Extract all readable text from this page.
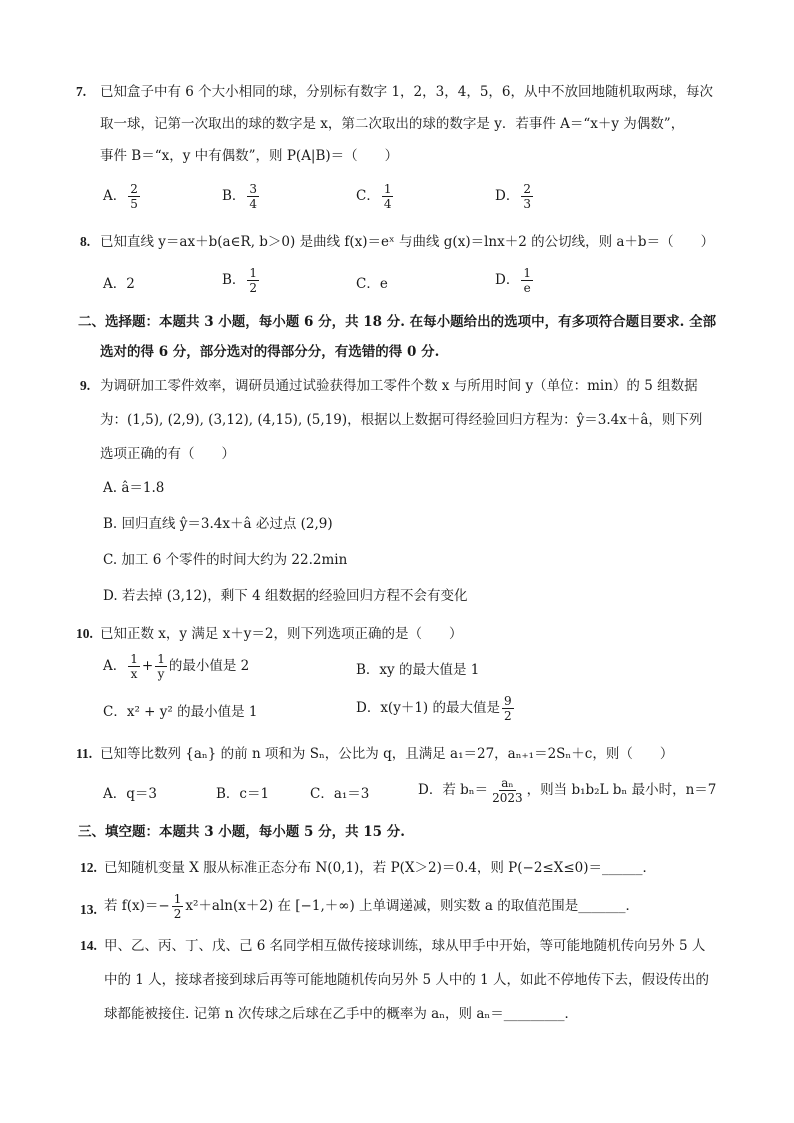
7. 已知盒子中有 6 个大小相同的球，分别标有数字 1，2，3，4，5，6，从中不放回地随机取两球，每次
取一球，记第一次取出的球的数字是 x，第二次取出的球的数字是 y．若事件 A＝“x＋y 为偶数”，
事件 B＝“x，y 中有偶数”，则 P(A|B)＝（　　）
A． $\frac{2}{5}$	B． $\frac{3}{4}$	C． $\frac{1}{4}$	D． $\frac{2}{3}$
8. 已知直线 y＝ax＋b(a∈R, b＞0) 是曲线 f(x)＝eˣ 与曲线 g(x)＝lnx＋2 的公切线，则 a＋b＝（　　）
A．2	B． $\frac{1}{2}$	C．e	D． $\frac{1}{e}$
二、选择题：本题共 3 小题，每小题 6 分，共 18 分. 在每小题给出的选项中，有多项符合题目要求. 全部
选对的得 6 分，部分选对的得部分分，有选错的得 0 分.
9. 为调研加工零件效率，调研员通过试验获得加工零件个数 x 与所用时间 y（单位：min）的 5 组数据
为：(1,5), (2,9), (3,12), (4,15), (5,19)，根据以上数据可得经验回归方程为：ŷ＝3.4x＋â，则下列
选项正确的有（　　）
A. â＝1.8
B. 回归直线 ŷ＝3.4x＋â 必过点 (2,9)
C. 加工 6 个零件的时间大约为 22.2min
D. 若去掉 (3,12)，剩下 4 组数据的经验回归方程不会有变化
10. 已知正数 x，y 满足 x＋y＝2，则下列选项正确的是（　　）
A． $\frac{1}{x} + \frac{1}{y}$ 的最小值是 2	B．xy 的最大值是 1
C．x² + y² 的最小值是 1	D．x(y＋1) 的最大值是 $\frac{9}{2}$
11. 已知等比数列 {aₙ} 的前 n 项和为 Sₙ，公比为 q，且满足 a₁＝27，aₙ₊₁＝2Sₙ＋c，则（　　）
A．q＝3	B．c＝1	C．a₁＝3	D．若 $b_n= \frac{\text{aₙ}}{2023}$ ，则当 b₁b₂L bₙ 最小时，n＝7
三、填空题：本题共 3 小题，每小题 5 分，共 15 分.
12. 已知随机变量 X 服从标准正态分布 N(0,1)，若 P(X＞2)＝0.4，则 P(−2≤X≤0)＝______．
13. 若 $f(x)=- \frac{1}{2} x^2+aln(x+2)$ 在 [−1,＋∞) 上单调递减，则实数 a 的取值范围是_______．
14. 甲、乙、丙、丁、戊、己 6 名同学相互做传接球训练，球从甲手中开始，等可能地随机传向另外 5 人
中的 1 人，接球者接到球后再等可能地随机传向另外 5 人中的 1 人，如此不停地传下去，假设传出的
球都能被接住. 记第 n 次传球之后球在乙手中的概率为 aₙ，则 aₙ＝_________．
